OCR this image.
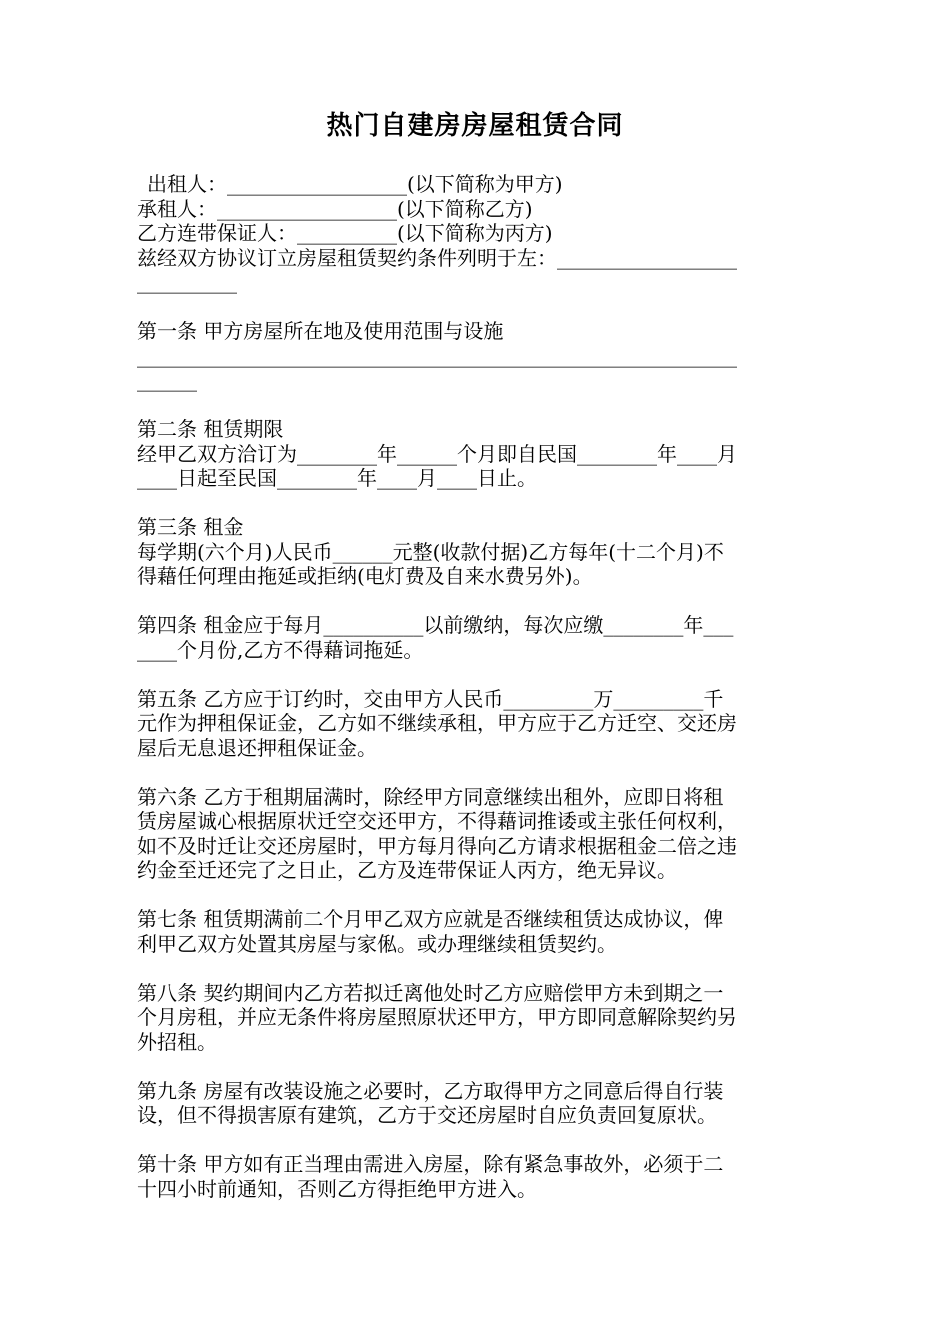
热门自建房房屋租赁合同
出租人：__________________(以下简称为甲方)
承租人：__________________(以下简称乙方)
乙方连带保证人：__________(以下简称为丙方)
兹经双方协议订立房屋租赁契约条件列明于左：__________________
__________
第一条 甲方房屋所在地及使用范围与设施
____________________________________________________________
______
第二条 租赁期限
经甲乙双方洽订为________年______个月即自民国________年____月
____日起至民国________年____月____日止。
第三条 租金
每学期(六个月)人民币______元整(收款付据)乙方每年(十二个月)不
得藉任何理由拖延或拒纳(电灯费及自来水费另外)。
第四条 租金应于每月__________以前缴纳，每次应缴________年___
____个月份,乙方不得藉词拖延。
第五条 乙方应于订约时，交由甲方人民币_________万_________千
元作为押租保证金，乙方如不继续承租，甲方应于乙方迁空、交还房
屋后无息退还押租保证金。
第六条 乙方于租期届满时，除经甲方同意继续出租外，应即日将租
赁房屋诚心根据原状迁空交还甲方，不得藉词推诿或主张任何权利，
如不及时迁让交还房屋时，甲方每月得向乙方请求根据租金二倍之违
约金至迁还完了之日止，乙方及连带保证人丙方，绝无异议。
第七条 租赁期满前二个月甲乙双方应就是否继续租赁达成协议，俾
利甲乙双方处置其房屋与家俬。或办理继续租赁契约。
第八条 契约期间内乙方若拟迁离他处时乙方应赔偿甲方未到期之一
个月房租，并应无条件将房屋照原状还甲方，甲方即同意解除契约另
外招租。
第九条 房屋有改装设施之必要时，乙方取得甲方之同意后得自行装
设，但不得损害原有建筑，乙方于交还房屋时自应负责回复原状。
第十条 甲方如有正当理由需进入房屋，除有紧急事故外，必须于二
十四小时前通知，否则乙方得拒绝甲方进入。
